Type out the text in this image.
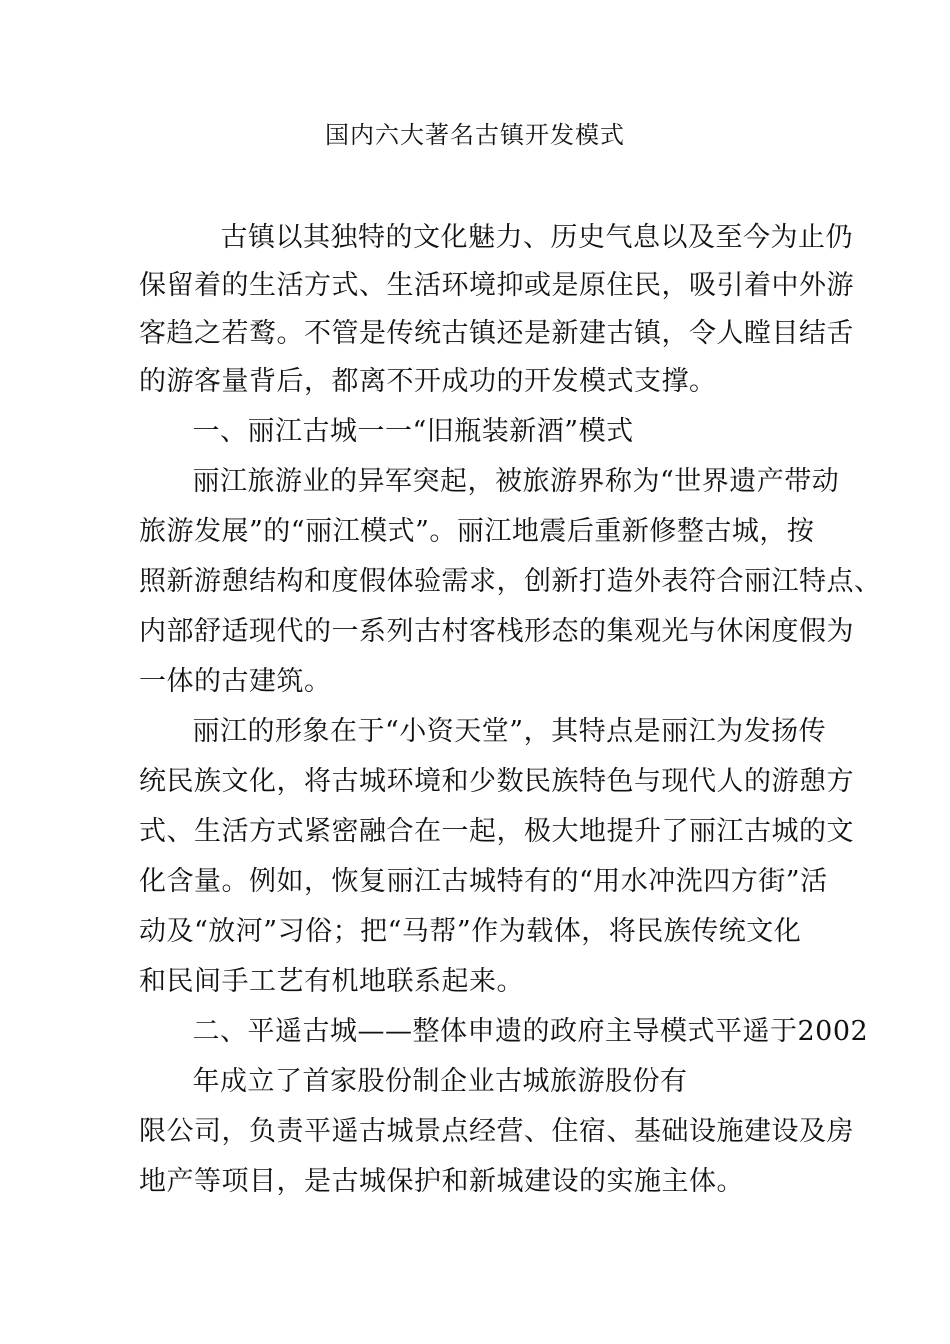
国内六大著名古镇开发模式
　古镇以其独特的文化魅力、历史气息以及至今为止仍
保留着的生活方式、生活环境抑或是原住民，吸引着中外游
客趋之若鹜。不管是传统古镇还是新建古镇，令人瞠目结舌
的游客量背后，都离不开成功的开发模式支撑。
　一、丽江古城一一“旧瓶装新酒”模式
　丽江旅游业的异军突起，被旅游界称为“世界遗产带动
旅游发展”的“丽江模式”。丽江地震后重新修整古城，按
照新游憩结构和度假体验需求，创新打造外表符合丽江特点、
内部舒适现代的一系列古村客栈形态的集观光与休闲度假为
一体的古建筑。
　丽江的形象在于“小资天堂”，其特点是丽江为发扬传
统民族文化，将古城环境和少数民族特色与现代人的游憩方
式、生活方式紧密融合在一起，极大地提升了丽江古城的文
化含量。例如，恢复丽江古城特有的“用水冲洗四方街”活
动及“放河”习俗；把“马帮”作为载体，将民族传统文化
和民间手工艺有机地联系起来。
　二、平遥古城——整体申遗的政府主导模式平遥于2002
　年成立了首家股份制企业古城旅游股份有
限公司，负责平遥古城景点经营、住宿、基础设施建设及房
地产等项目，是古城保护和新城建设的实施主体。
